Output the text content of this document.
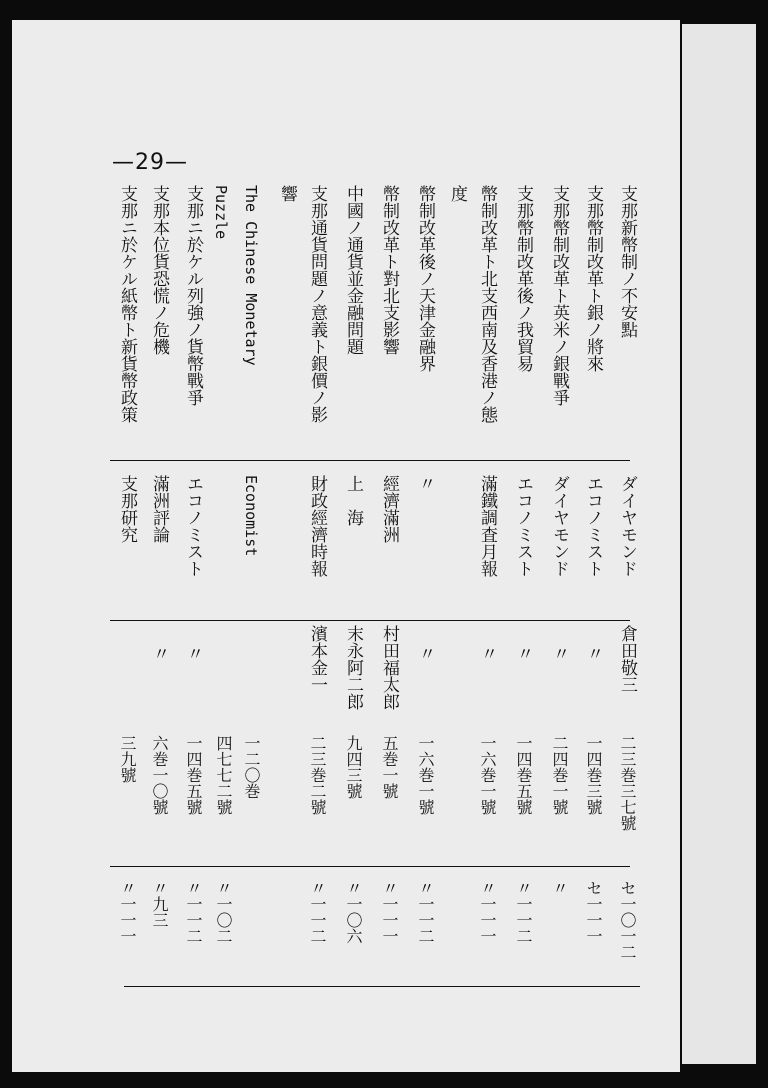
—29—
支那新幣制ノ不安點
ダイヤモンド
倉田敬三
二三巻三七號
セ一〇一二
支那幣制改革ト銀ノ將來
エコノミスト
〃
一四巻三號
セ一一一
支那幣制改革ト英米ノ銀戰爭
ダイヤモンド
〃
二四巻一號
〃
支那幣制改革後ノ我貿易
エコノミスト
〃
一四巻五號
〃一一二
幣制改革ト北支西南及香港ノ態
度
滿鐵調査月報
〃
一六巻一號
〃一一一
幣制改革後ノ天津金融界
〃
〃
一六巻一號
〃一一二
幣制改革ト對北支影響
經濟滿洲
村田福太郎
五巻一號
〃一一一
中國ノ通貨並金融問題
上　海
末永阿二郎
九四三號
〃一〇六
支那通貨問題ノ意義ト銀價ノ影
響
財政經濟時報
濱本金一
二三巻二號
〃一一二
The Chinese Monetary
Puzzle
Economist
一二〇巻
四七七二號
〃一〇二
支那ニ於ケル列強ノ貨幣戰爭
エコノミスト
〃
一四巻五號
〃一一二
支那本位貨恐慌ノ危機
滿洲評論
〃
六巻一〇號
〃九三
支那ニ於ケル紙幣ト新貨幣政策
支那研究
三九號
〃一一一
